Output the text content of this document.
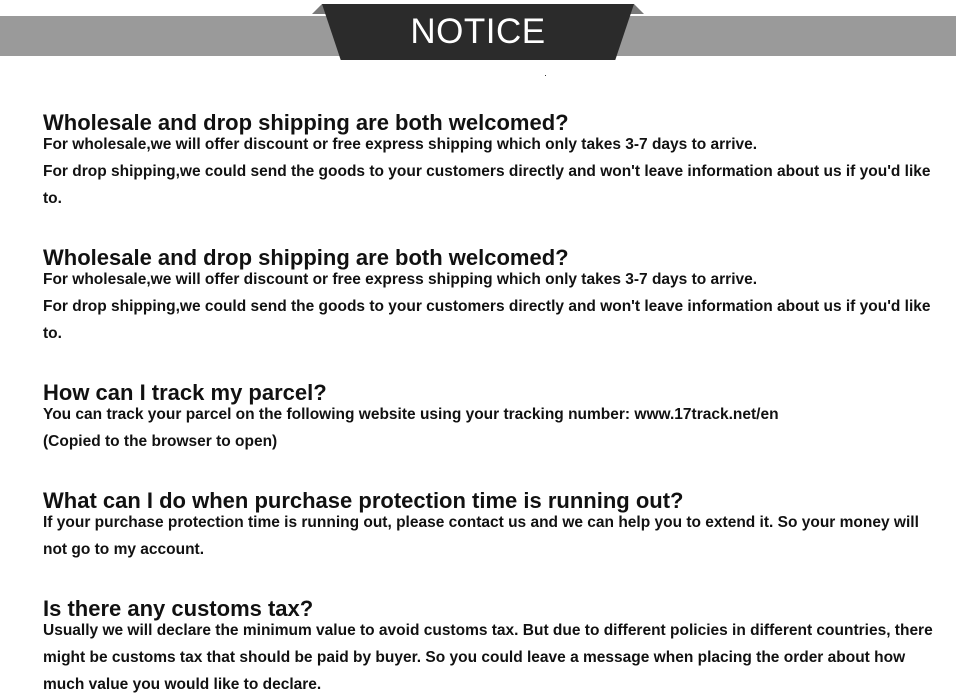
NOTICE
Wholesale and drop shipping are both welcomed?

For wholesale,we will offer discount or free express shipping which only takes 3-7 days to arrive.

For drop shipping,we could send the goods to your customers directly and won't leave information about us if you'd like to.

Wholesale and drop shipping are both welcomed?

For wholesale,we will offer discount or free express shipping which only takes 3-7 days to arrive.

For drop shipping,we could send the goods to your customers directly and won't leave information about us if you'd like to.

How can I track my parcel?

You can track your parcel on the following website using your tracking number: www.17track.net/en

(Copied to the browser to open)

What can I do when purchase protection time is running out?

If your purchase protection time is running out, please contact us and we can help you to extend it. So your money will not go to my account.

Is there any customs tax?

Usually we will declare the minimum value to avoid customs tax. But due to different policies in different countries, there might be customs tax that should be paid by buyer. So you could leave a message when placing the order about how much value you would like to declare.
